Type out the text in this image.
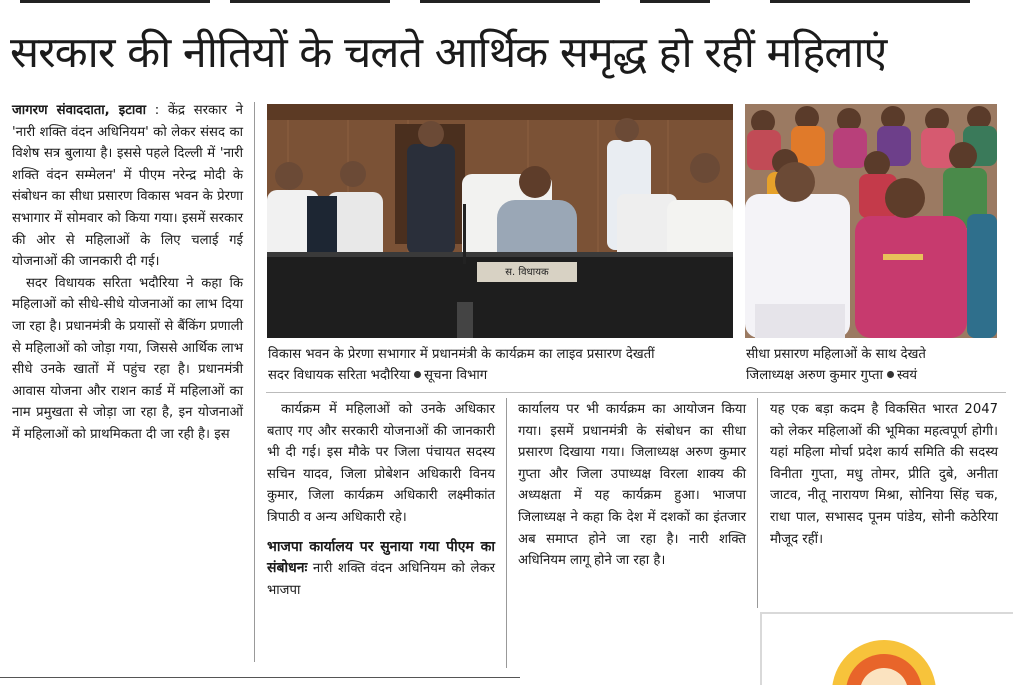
सरकार की नीतियों के चलते आर्थिक समृद्ध हो रहीं महिलाएं

जागरण संवाददाता, इटावा : केंद्र सरकार ने 'नारी शक्ति वंदन अधिनियम' को लेकर संसद का विशेष सत्र बुलाया है। इससे पहले दिल्ली में 'नारी शक्ति वंदन सम्मेलन' में पीएम नरेन्द्र मोदी के संबोधन का सीधा प्रसारण विकास भवन के प्रेरणा सभागार में सोमवार को किया गया। इसमें सरकार की ओर से महिलाओं के लिए चलाई गई योजनाओं की जानकारी दी गई।

सदर विधायक सरिता भदौरिया ने कहा कि महिलाओं को सीधे-सीधे योजनाओं का लाभ दिया जा रहा है। प्रधानमंत्री के प्रयासों से बैंकिंग प्रणाली से महिलाओं को जोड़ा गया, जिससे आर्थिक लाभ सीधे उनके खातों में पहुंच रहा है। प्रधानमंत्री आवास योजना और राशन कार्ड में महिलाओं का नाम प्रमुखता से जोड़ा जा रहा है, इन योजनाओं में महिलाओं को प्राथमिकता दी जा रही है। इस

स. विधायक
विकास भवन के प्रेरणा सभागार में प्रधानमंत्री के कार्यक्रम का लाइव प्रसारण देखतीं
सदर विधायक सरिता भदौरिया सूचना विभाग
सीधा प्रसारण महिलाओं के साथ देखते
जिलाध्यक्ष अरुण कुमार गुप्ता स्वयं

कार्यक्रम में महिलाओं को उनके अधिकार बताए गए और सरकारी योजनाओं की जानकारी भी दी गई। इस मौके पर जिला पंचायत सदस्य सचिन यादव, जिला प्रोबेशन अधिकारी विनय कुमार, जिला कार्यक्रम अधिकारी लक्ष्मीकांत त्रिपाठी व अन्य अधिकारी रहे।

भाजपा कार्यालय पर सुनाया गया पीएम का संबोधनः नारी शक्ति वंदन अधिनियम को लेकर भाजपा

कार्यालय पर भी कार्यक्रम का आयोजन किया गया। इसमें प्रधानमंत्री के संबोधन का सीधा प्रसारण दिखाया गया। जिलाध्यक्ष अरुण कुमार गुप्ता और जिला उपाध्यक्ष विरला शाक्य की अध्यक्षता में यह कार्यक्रम हुआ। भाजपा जिलाध्यक्ष ने कहा कि देश में दशकों का इंतजार अब समाप्त होने जा रहा है। नारी शक्ति अधिनियम लागू होने जा रहा है।

यह एक बड़ा कदम है विकसित भारत 2047 को लेकर महिलाओं की भूमिका महत्वपूर्ण होगी। यहां महिला मोर्चा प्रदेश कार्य समिति की सदस्य विनीता गुप्ता, मधु तोमर, प्रीति दुबे, अनीता जाटव, नीतू नारायण मिश्रा, सोनिया सिंह चक, राधा पाल, सभासद पूनम पांडेय, सोनी कठेरिया मौजूद रहीं।
